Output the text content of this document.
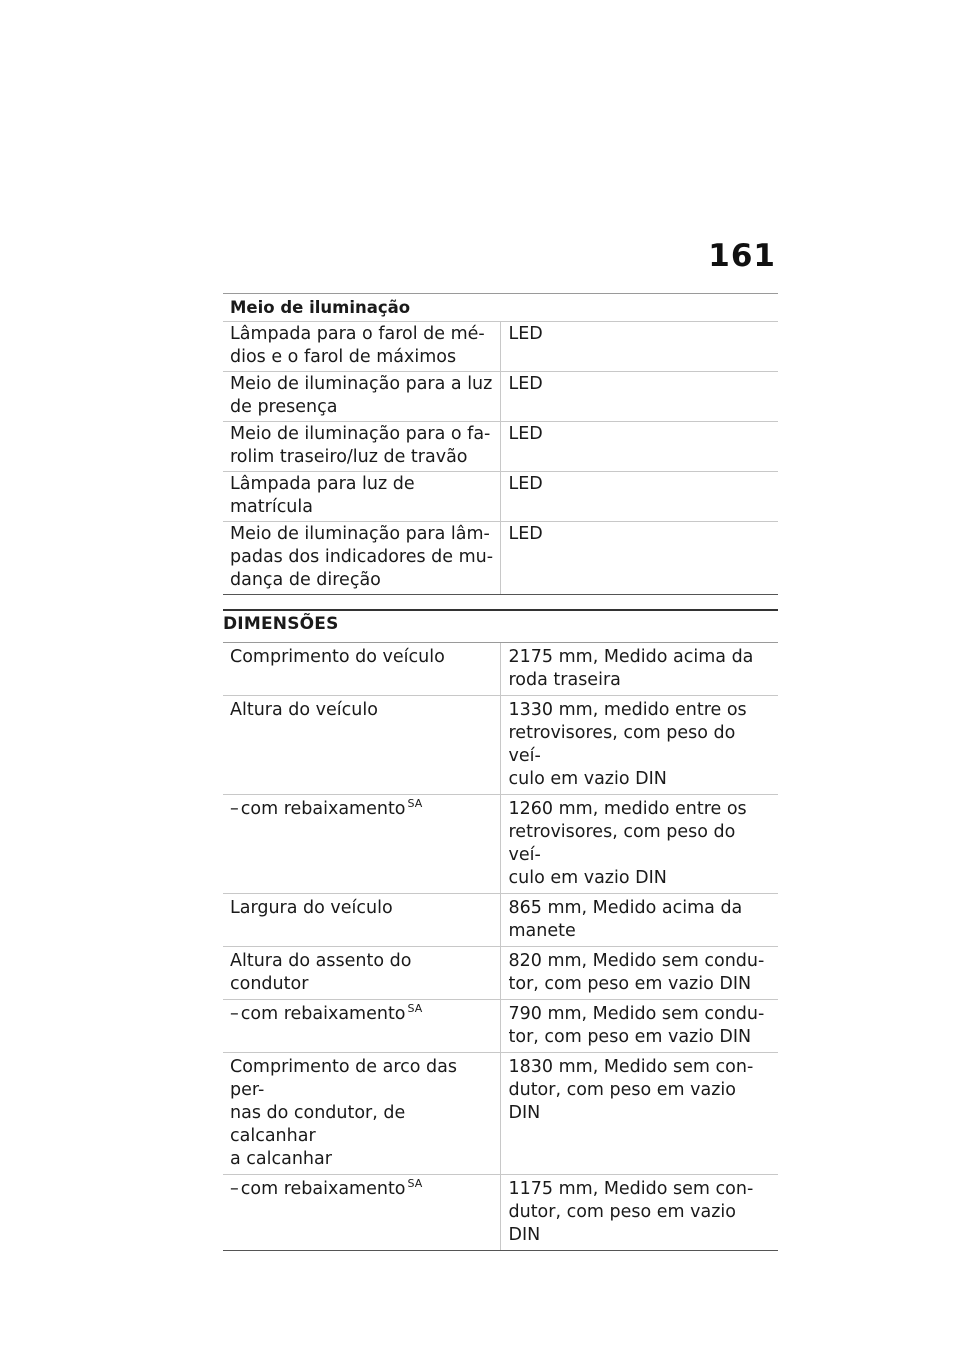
161
Meio de iluminação	
Lâmpada para o farol de mé-
dios e o farol de máximos	LED
Meio de iluminação para a luz
de presença	LED
Meio de iluminação para o fa-
rolim traseiro/luz de travão	LED
Lâmpada para luz de matrícula	LED
Meio de iluminação para lâm-
padas dos indicadores de mu-
dança de direção	LED
DIMENSÕES
Comprimento do veículo	2175 mm, Medido acima da
roda traseira
Altura do veículo	1330 mm, medido entre os
retrovisores, com peso do veí-
culo em vazio DIN
– com rebaixamento $^{SA}$	1260 mm, medido entre os
retrovisores, com peso do veí-
culo em vazio DIN
Largura do veículo	865 mm, Medido acima da
manete
Altura do assento do condutor	820 mm, Medido sem condu-
tor, com peso em vazio DIN
– com rebaixamento $^{SA}$	790 mm, Medido sem condu-
tor, com peso em vazio DIN
Comprimento de arco das per-
nas do condutor, de calcanhar
a calcanhar	1830 mm, Medido sem con-
dutor, com peso em vazio DIN
– com rebaixamento $^{SA}$	1175 mm, Medido sem con-
dutor, com peso em vazio DIN
